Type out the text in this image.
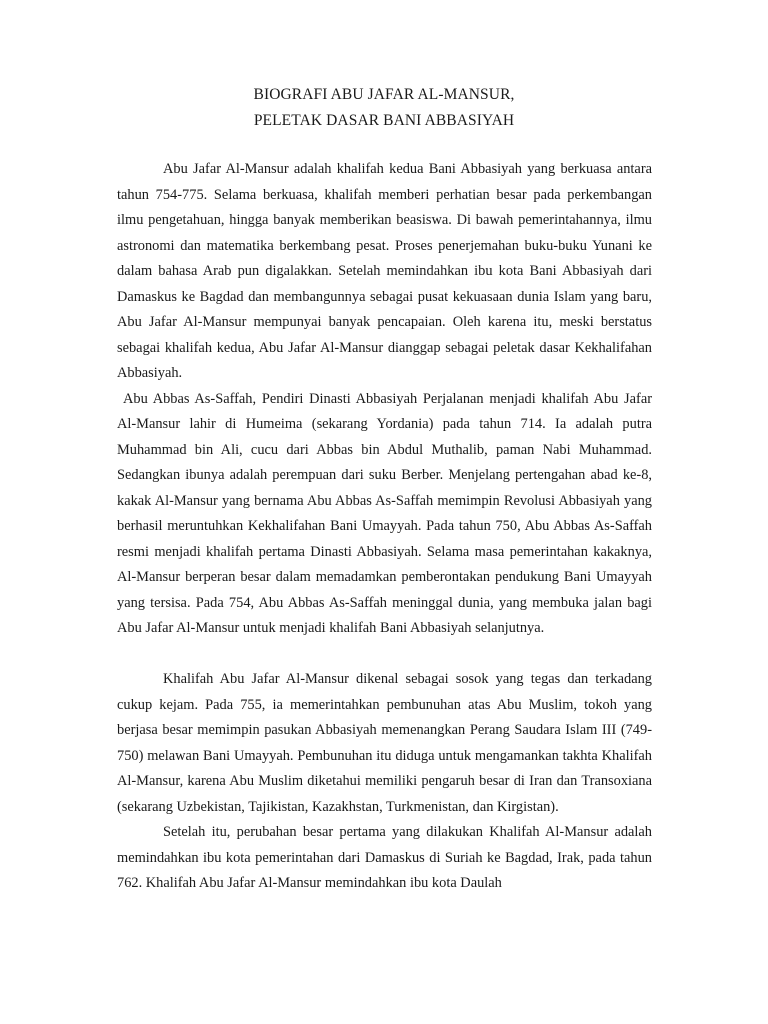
BIOGRAFI ABU JAFAR AL-MANSUR,
PELETAK DASAR BANI ABBASIYAH

Abu Jafar Al-Mansur adalah khalifah kedua Bani Abbasiyah yang berkuasa antara tahun 754-775. Selama berkuasa, khalifah memberi perhatian besar pada perkembangan ilmu pengetahuan, hingga banyak memberikan beasiswa. Di bawah pemerintahannya, ilmu astronomi dan matematika berkembang pesat. Proses penerjemahan buku-buku Yunani ke dalam bahasa Arab pun digalakkan. Setelah memindahkan ibu kota Bani Abbasiyah dari Damaskus ke Bagdad dan membangunnya sebagai pusat kekuasaan dunia Islam yang baru, Abu Jafar Al-Mansur mempunyai banyak pencapaian. Oleh karena itu, meski berstatus sebagai khalifah kedua, Abu Jafar Al-Mansur dianggap sebagai peletak dasar Kekhalifahan Abbasiyah.

Abu Abbas As-Saffah, Pendiri Dinasti Abbasiyah Perjalanan menjadi khalifah Abu Jafar Al-Mansur lahir di Humeima (sekarang Yordania) pada tahun 714. Ia adalah putra Muhammad bin Ali, cucu dari Abbas bin Abdul Muthalib, paman Nabi Muhammad. Sedangkan ibunya adalah perempuan dari suku Berber. Menjelang pertengahan abad ke-8, kakak Al-Mansur yang bernama Abu Abbas As-Saffah memimpin Revolusi Abbasiyah yang berhasil meruntuhkan Kekhalifahan Bani Umayyah. Pada tahun 750, Abu Abbas As-Saffah resmi menjadi khalifah pertama Dinasti Abbasiyah. Selama masa pemerintahan kakaknya, Al-Mansur berperan besar dalam memadamkan pemberontakan pendukung Bani Umayyah yang tersisa. Pada 754, Abu Abbas As-Saffah meninggal dunia, yang membuka jalan bagi Abu Jafar Al-Mansur untuk menjadi khalifah Bani Abbasiyah selanjutnya.

Khalifah Abu Jafar Al-Mansur dikenal sebagai sosok yang tegas dan terkadang cukup kejam. Pada 755, ia memerintahkan pembunuhan atas Abu Muslim, tokoh yang berjasa besar memimpin pasukan Abbasiyah memenangkan Perang Saudara Islam III (749-750) melawan Bani Umayyah. Pembunuhan itu diduga untuk mengamankan takhta Khalifah Al-Mansur, karena Abu Muslim diketahui memiliki pengaruh besar di Iran dan Transoxiana (sekarang Uzbekistan, Tajikistan, Kazakhstan, Turkmenistan, dan Kirgistan).

Setelah itu, perubahan besar pertama yang dilakukan Khalifah Al-Mansur adalah memindahkan ibu kota pemerintahan dari Damaskus di Suriah ke Bagdad, Irak, pada tahun 762. Khalifah Abu Jafar Al-Mansur memindahkan ibu kota Daulah
